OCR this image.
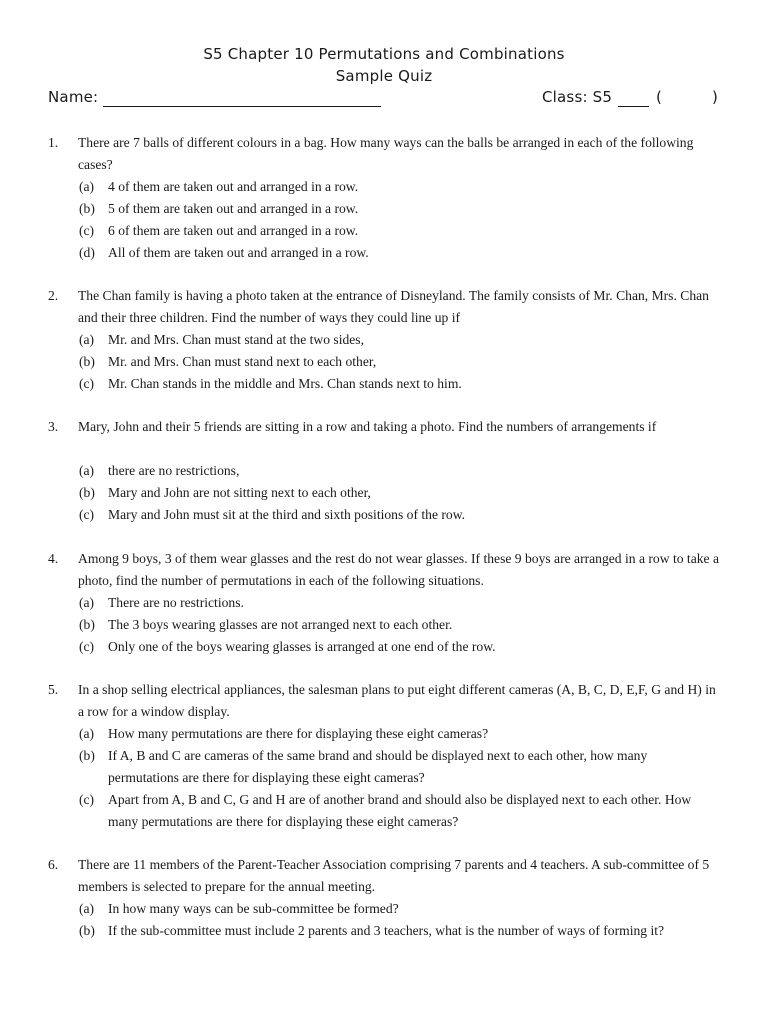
S5 Chapter 10 Permutations and Combinations
Sample Quiz
Name:	Class: S5	(	)
1. There are 7 balls of different colours in a bag. How many ways can the balls be arranged in each of the following cases?
(a) 4 of them are taken out and arranged in a row.
(b) 5 of them are taken out and arranged in a row.
(c) 6 of them are taken out and arranged in a row.
(d) All of them are taken out and arranged in a row.
2. The Chan family is having a photo taken at the entrance of Disneyland. The family consists of Mr. Chan, Mrs. Chan and their three children. Find the number of ways they could line up if
(a) Mr. and Mrs. Chan must stand at the two sides,
(b) Mr. and Mrs. Chan must stand next to each other,
(c) Mr. Chan stands in the middle and Mrs. Chan stands next to him.
3. Mary, John and their 5 friends are sitting in a row and taking a photo. Find the numbers of arrangements if
(a) there are no restrictions,
(b) Mary and John are not sitting next to each other,
(c) Mary and John must sit at the third and sixth positions of the row.
4. Among 9 boys, 3 of them wear glasses and the rest do not wear glasses. If these 9 boys are arranged in a row to take a photo, find the number of permutations in each of the following situations.
(a) There are no restrictions.
(b) The 3 boys wearing glasses are not arranged next to each other.
(c) Only one of the boys wearing glasses is arranged at one end of the row.
5. In a shop selling electrical appliances, the salesman plans to put eight different cameras (A, B, C, D, E,F, G and H) in a row for a window display.
(a) How many permutations are there for displaying these eight cameras?
(b) If A, B and C are cameras of the same brand and should be displayed next to each other, how many permutations are there for displaying these eight cameras?
(c) Apart from A, B and C, G and H are of another brand and should also be displayed next to each other. How many permutations are there for displaying these eight cameras?
6. There are 11 members of the Parent-Teacher Association comprising 7 parents and 4 teachers. A sub-committee of 5 members is selected to prepare for the annual meeting.
(a) In how many ways can be sub-committee be formed?
(b) If the sub-committee must include 2 parents and 3 teachers, what is the number of ways of forming it?
